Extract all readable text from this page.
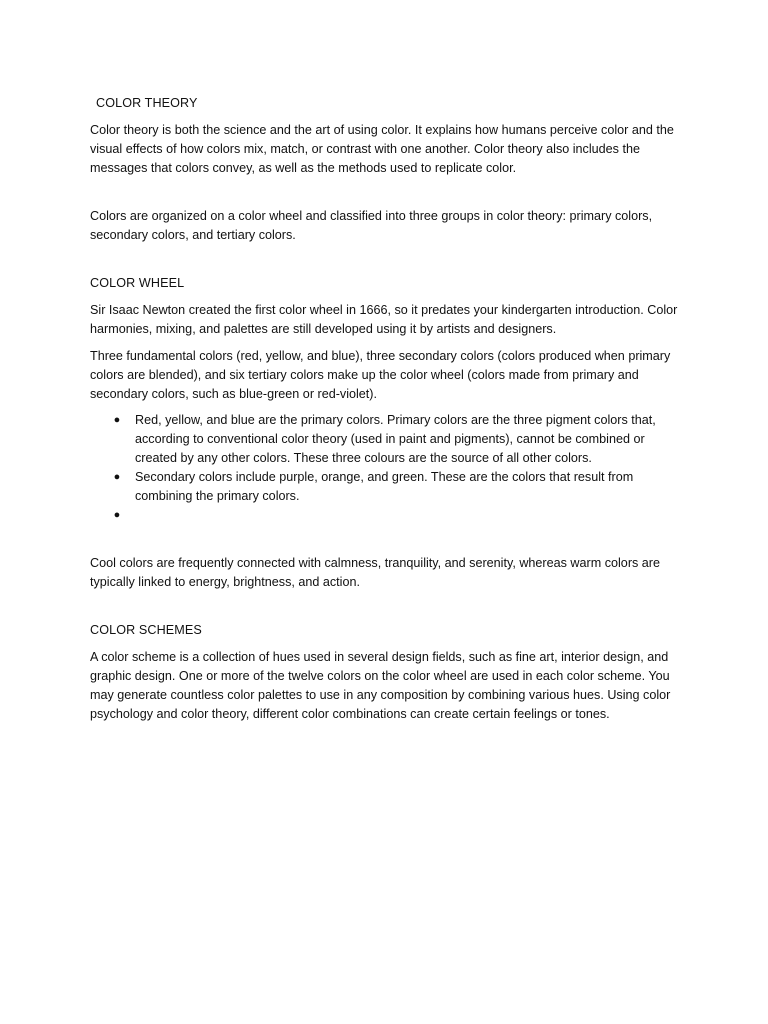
COLOR THEORY

Color theory is both the science and the art of using color. It explains how humans perceive color and the visual effects of how colors mix, match, or contrast with one another. Color theory also includes the messages that colors convey, as well as the methods used to replicate color.

Colors are organized on a color wheel and classified into three groups in color theory: primary colors, secondary colors, and tertiary colors.

COLOR WHEEL

Sir Isaac Newton created the first color wheel in 1666, so it predates your kindergarten introduction. Color harmonies, mixing, and palettes are still developed using it by artists and designers.

Three fundamental colors (red, yellow, and blue), three secondary colors (colors produced when primary colors are blended), and six tertiary colors make up the color wheel (colors made from primary and secondary colors, such as blue-green or red-violet).

● Red, yellow, and blue are the primary colors. Primary colors are the three pigment colors that, according to conventional color theory (used in paint and pigments), cannot be combined or created by any other colors. These three colours are the source of all other colors.
● Secondary colors include purple, orange, and green. These are the colors that result from combining the primary colors.
●

Cool colors are frequently connected with calmness, tranquility, and serenity, whereas warm colors are typically linked to energy, brightness, and action.

COLOR SCHEMES

A color scheme is a collection of hues used in several design fields, such as fine art, interior design, and graphic design. One or more of the twelve colors on the color wheel are used in each color scheme. You may generate countless color palettes to use in any composition by combining various hues. Using color psychology and color theory, different color combinations can create certain feelings or tones.
